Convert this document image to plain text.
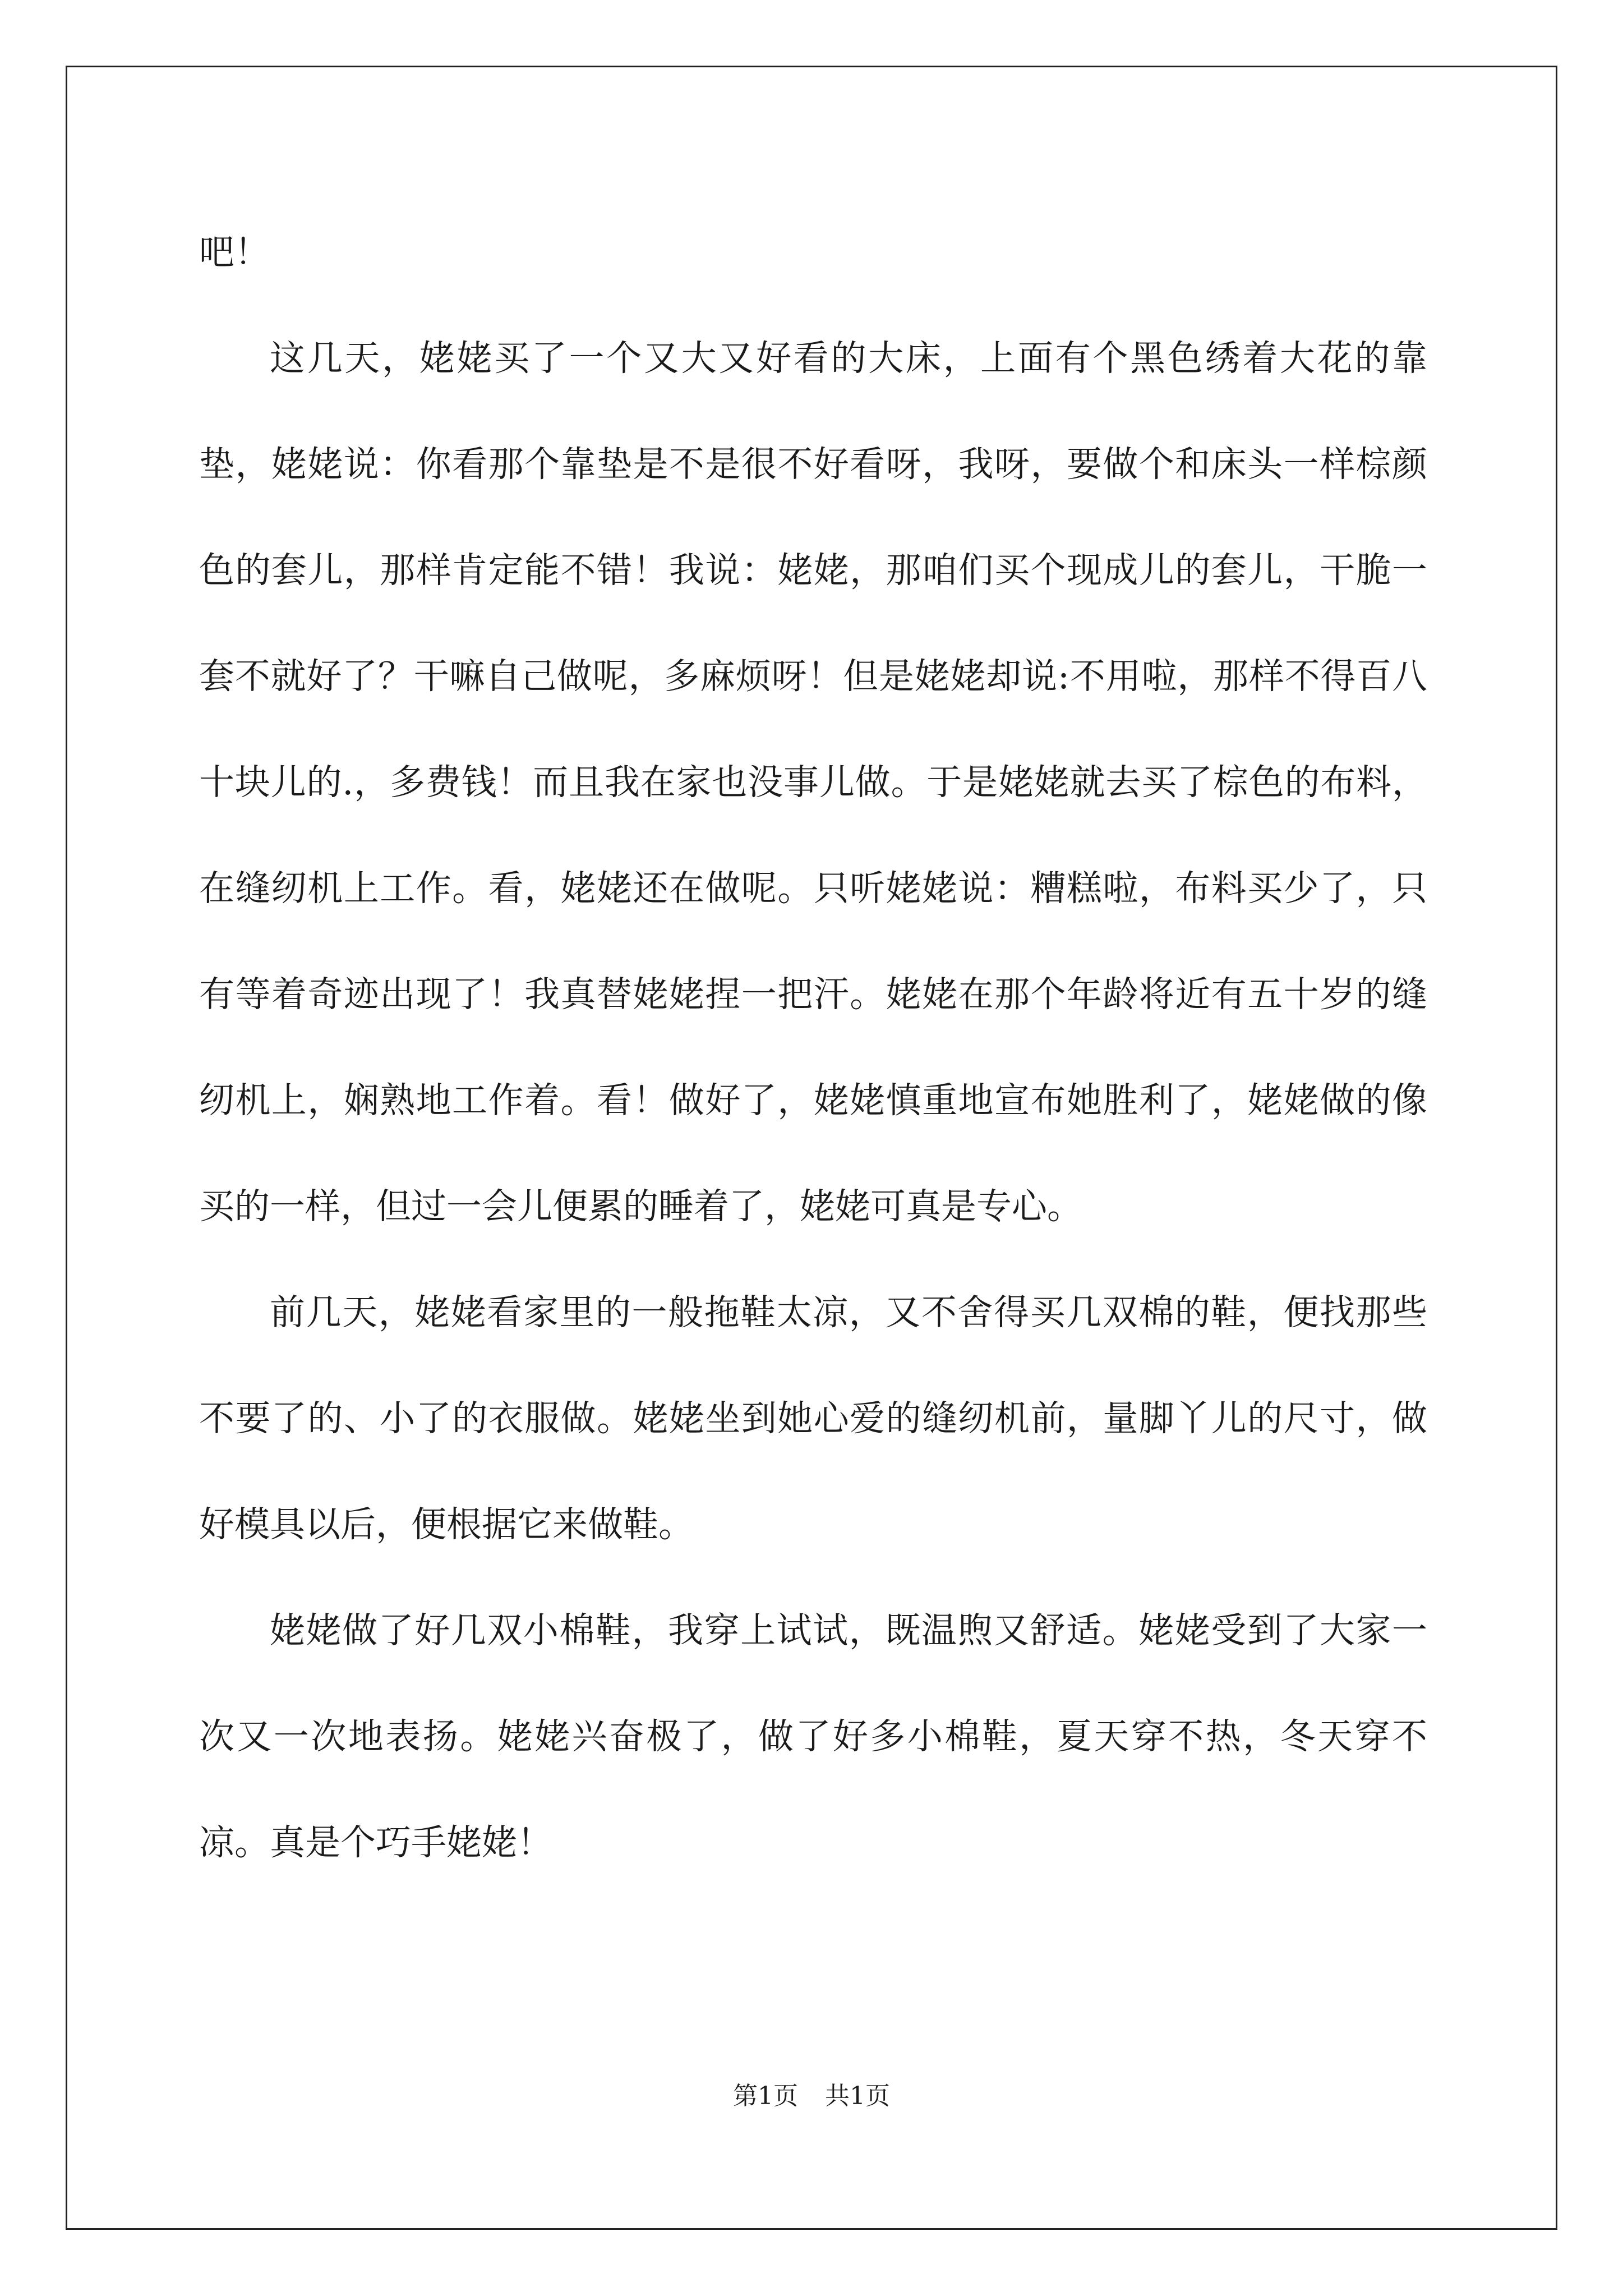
吧！

这几天，姥姥买了一个又大又好看的大床，上面有个黑色绣着大花的靠垫，姥姥说：你看那个靠垫是不是很不好看呀，我呀，要做个和床头一样棕颜色的套儿，那样肯定能不错！我说：姥姥，那咱们买个现成儿的套儿，干脆一套不就好了？干嘛自己做呢，多麻烦呀！但是姥姥却说:不用啦，那样不得百八十块儿的.，多费钱！而且我在家也没事儿做。于是姥姥就去买了棕色的布料，在缝纫机上工作。看，姥姥还在做呢。只听姥姥说：糟糕啦，布料买少了，只有等着奇迹出现了！我真替姥姥捏一把汗。姥姥在那个年龄将近有五十岁的缝纫机上，娴熟地工作着。看！做好了，姥姥慎重地宣布她胜利了，姥姥做的像买的一样，但过一会儿便累的睡着了，姥姥可真是专心。

前几天，姥姥看家里的一般拖鞋太凉，又不舍得买几双棉的鞋，便找那些不要了的、小了的衣服做。姥姥坐到她心爱的缝纫机前，量脚丫儿的尺寸，做好模具以后，便根据它来做鞋。

姥姥做了好几双小棉鞋，我穿上试试，既温煦又舒适。姥姥受到了大家一次又一次地表扬。姥姥兴奋极了，做了好多小棉鞋，夏天穿不热，冬天穿不凉。真是个巧手姥姥！

第1页 共1页
